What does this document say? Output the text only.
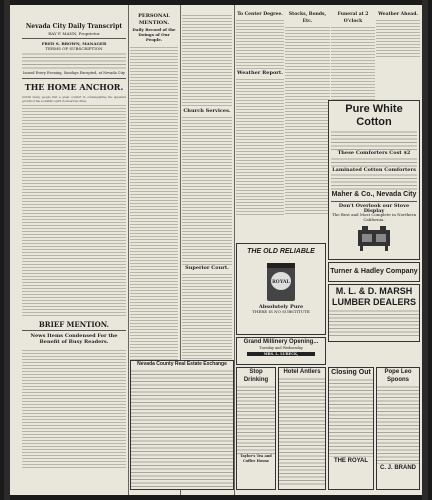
Nevada City Daily Transcript
RAY P. MANN, Proprietor
FRED S. BROWN, MANAGER
TERMS OF SUBSCRIPTION
Issued Every Evening, Sundays Excepted, at Nevada City
THE HOME ANCHOR.
GOOD many people find a great comfort in contemplating the apparent growth of the socialistic spirit in American cities.
BRIEF MENTION.
News Items Condensed For the Benefit of Busy Readers.
PERSONAL MENTION.
Daily Record of the Doings of Our People.
Church Services.
Superior Court.
To Center Degree.
Weather Report.
Stocks, Bonds, Etc.
Funeral at 2 O'clock
Weather Ahead.
Pure White Cotton
These Comforters Cost $2
Laminated Cotton Comforters
Maher & Co., Nevada City
Don't Overlook our Stove Display
The Best and Most Complete in Northern California.
Turner & Hadley Company
M. L. & D. MARSH
LUMBER DEALERS
THE OLD RELIABLE
ROYAL
Absolutely Pure
THERE IS NO SUBSTITUTE
Grand Millinery Opening...
Tuesday and Wednesday
MRS. L. LUBECK,
Nevada County Real Estate Exchange
Stop Drinking
Taylor's Tea and Coffee House
Hotel Antlers	Closing Out
THE ROYAL
Pope Leo Spoons
C. J. BRAND
